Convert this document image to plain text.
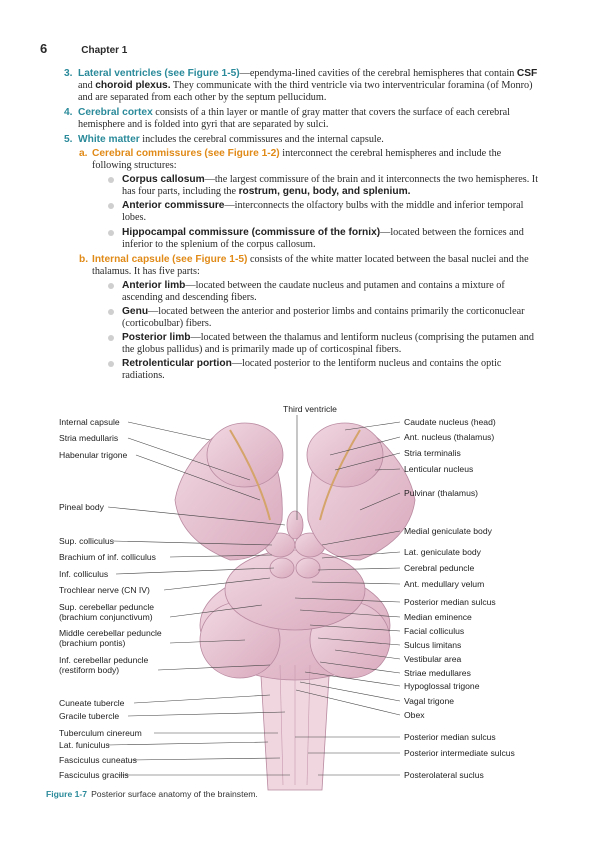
6	Chapter 1
3. Lateral ventricles (see Figure 1-5)—ependyma-lined cavities of the cerebral hemispheres that contain CSF and choroid plexus. They communicate with the third ventricle via two interventricular foramina (of Monro) and are separated from each other by the septum pellucidum.
4. Cerebral cortex consists of a thin layer or mantle of gray matter that covers the surface of each cerebral hemisphere and is folded into gyri that are separated by sulci.
5. White matter includes the cerebral commissures and the internal capsule.
a. Cerebral commissures (see Figure 1-2) interconnect the cerebral hemispheres and include the following structures:
Corpus callosum—the largest commissure of the brain and it interconnects the two hemispheres. It has four parts, including the rostrum, genu, body, and splenium.
Anterior commissure—interconnects the olfactory bulbs with the middle and inferior temporal lobes.
Hippocampal commissure (commissure of the fornix)—located between the fornices and inferior to the splenium of the corpus callosum.
b. Internal capsule (see Figure 1-5) consists of the white matter located between the basal nuclei and the thalamus. It has five parts:
Anterior limb—located between the caudate nucleus and putamen and contains a mixture of ascending and descending fibers.
Genu—located between the anterior and posterior limbs and contains primarily the corticonuclear (corticobulbar) fibers.
Posterior limb—located between the thalamus and lentiform nucleus (comprising the putamen and the globus pallidus) and is primarily made up of corticospinal fibers.
Retrolenticular portion—located posterior to the lentiform nucleus and contains the optic radiations.
Third ventricle
Internal capsule
Stria medullaris
Habenular trigone
Pineal body
Sup. colliculus
Brachium of inf. colliculus
Inf. colliculus
Trochlear nerve (CN IV)
Sup. cerebellar peduncle
(brachium conjunctivum)
Middle cerebellar peduncle
(brachium pontis)
Inf. cerebellar peduncle
(restiform body)
Cuneate tubercle
Gracile tubercle
Tuberculum cinereum
Lat. funiculus
Fasciculus cuneatus
Fasciculus gracilis
Caudate nucleus (head)
Ant. nucleus (thalamus)
Stria terminalis
Lenticular nucleus
Pulvinar (thalamus)
Medial geniculate body
Lat. geniculate body
Cerebral peduncle
Ant. medullary velum
Posterior median sulcus
Median eminence
Facial colliculus
Sulcus limitans
Vestibular area
Striae medullares
Hypoglossal trigone
Vagal trigone
Obex
Posterior median sulcus
Posterior intermediate sulcus
Posterolateral suclus
Figure 1-7 Posterior surface anatomy of the brainstem.
